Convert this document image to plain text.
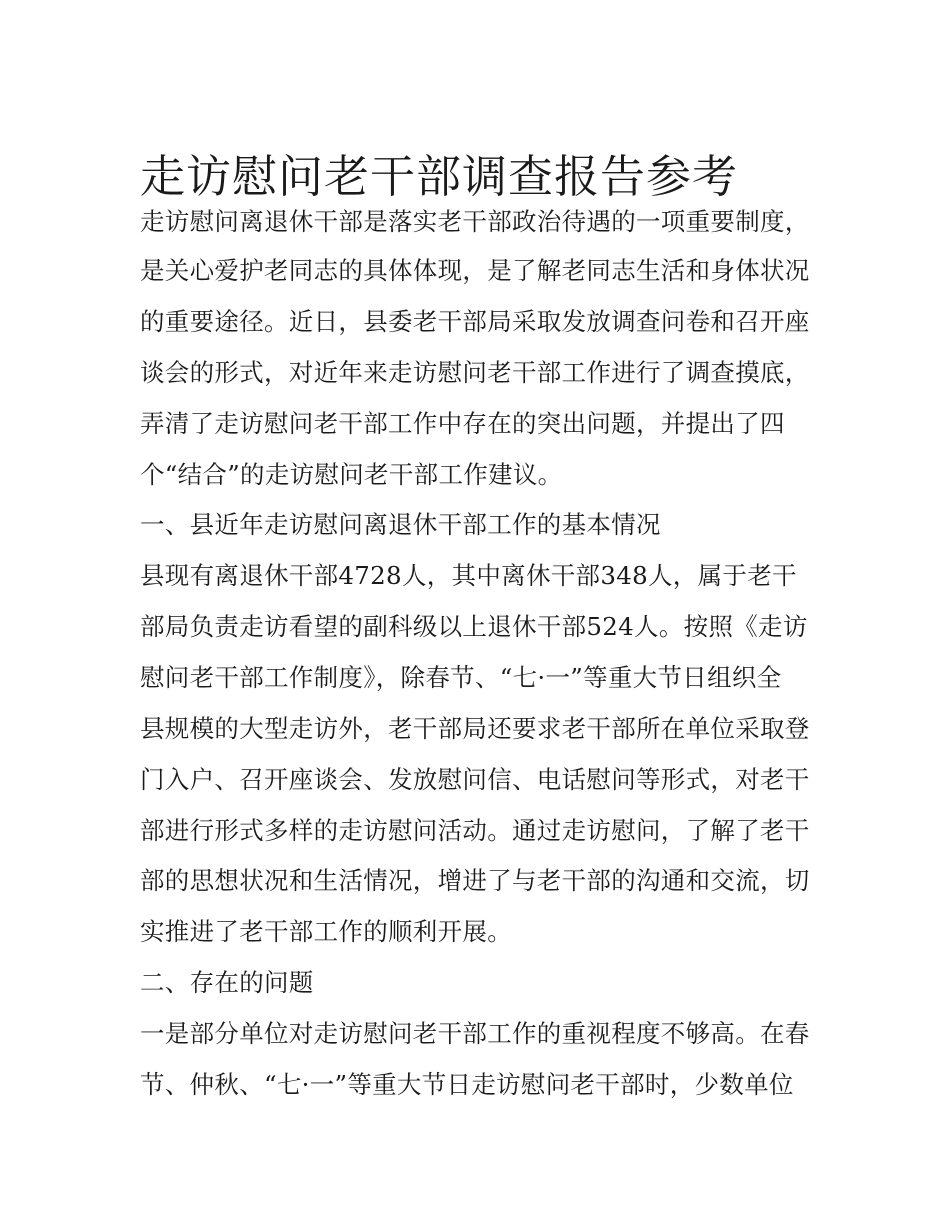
走访慰问老干部调查报告参考
走访慰问离退休干部是落实老干部政治待遇的一项重要制度，
是关心爱护老同志的具体体现，是了解老同志生活和身体状况
的重要途径。近日，县委老干部局采取发放调查问卷和召开座
谈会的形式，对近年来走访慰问老干部工作进行了调查摸底，
弄清了走访慰问老干部工作中存在的突出问题，并提出了四
个“结合”的走访慰问老干部工作建议。
一、县近年走访慰问离退休干部工作的基本情况
县现有离退休干部4728人，其中离休干部348人，属于老干
部局负责走访看望的副科级以上退休干部524人。按照《走访
慰问老干部工作制度》，除春节、“七·一”等重大节日组织全
县规模的大型走访外，老干部局还要求老干部所在单位采取登
门入户、召开座谈会、发放慰问信、电话慰问等形式，对老干
部进行形式多样的走访慰问活动。通过走访慰问，了解了老干
部的思想状况和生活情况，增进了与老干部的沟通和交流，切
实推进了老干部工作的顺利开展。
二、存在的问题
一是部分单位对走访慰问老干部工作的重视程度不够高。在春
节、仲秋、“七·一”等重大节日走访慰问老干部时，少数单位
